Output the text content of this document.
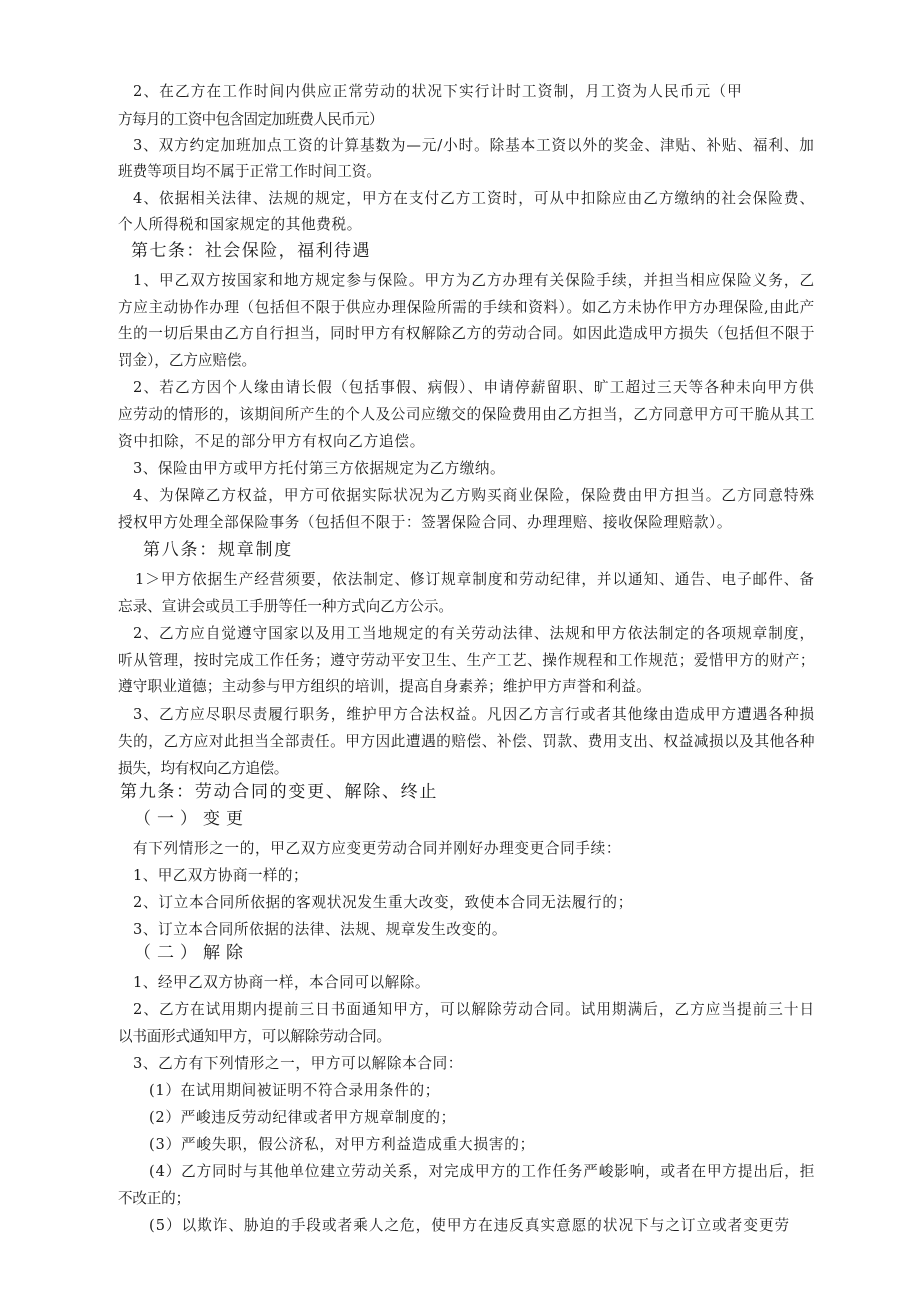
2、在乙方在工作时间内供应正常劳动的状况下实行计时工资制，月工资为人民币元（甲
方每月的工资中包含固定加班费人民币元）
3、双方约定加班加点工资的计算基数为—元/小时。除基本工资以外的奖金、津贴、补贴、福利、加
班费等项目均不属于正常工作时间工资。
4、依据相关法律、法规的规定，甲方在支付乙方工资时，可从中扣除应由乙方缴纳的社会保险费、
个人所得税和国家规定的其他费税。
第七条：社会保险，福利待遇
1、甲乙双方按国家和地方规定参与保险。甲方为乙方办理有关保险手续，并担当相应保险义务，乙
方应主动协作办理（包括但不限于供应办理保险所需的手续和资料）。如乙方未协作甲方办理保险,由此产
生的一切后果由乙方自行担当，同时甲方有权解除乙方的劳动合同。如因此造成甲方损失（包括但不限于
罚金），乙方应赔偿。
2、若乙方因个人缘由请长假（包括事假、病假）、申请停薪留职、旷工超过三天等各种未向甲方供
应劳动的情形的，该期间所产生的个人及公司应缴交的保险费用由乙方担当，乙方同意甲方可干脆从其工
资中扣除，不足的部分甲方有权向乙方追偿。
3、保险由甲方或甲方托付第三方依据规定为乙方缴纳。
4、为保障乙方权益，甲方可依据实际状况为乙方购买商业保险，保险费由甲方担当。乙方同意特殊
授权甲方处理全部保险事务（包括但不限于：签署保险合同、办理理赔、接收保险理赔款）。
第八条：规章制度
1＞甲方依据生产经营须要，依法制定、修订规章制度和劳动纪律，并以通知、通告、电子邮件、备
忘录、宣讲会或员工手册等任一种方式向乙方公示。
2、乙方应自觉遵守国家以及用工当地规定的有关劳动法律、法规和甲方依法制定的各项规章制度，
听从管理，按时完成工作任务；遵守劳动平安卫生、生产工艺、操作规程和工作规范；爱惜甲方的财产；
遵守职业道德；主动参与甲方组织的培训，提高自身素养；维护甲方声誉和利益。
3、乙方应尽职尽责履行职务，维护甲方合法权益。凡因乙方言行或者其他缘由造成甲方遭遇各种损
失的，乙方应对此担当全部责任。甲方因此遭遇的赔偿、补偿、罚款、费用支出、权益减损以及其他各种
损失，均有权向乙方追偿。
第九条：劳动合同的变更、解除、终止
（一）变更
有下列情形之一的，甲乙双方应变更劳动合同并刚好办理变更合同手续：
1、甲乙双方协商一样的；
2、订立本合同所依据的客观状况发生重大改变，致使本合同无法履行的；
3、订立本合同所依据的法律、法规、规章发生改变的。
（二）解除
1、经甲乙双方协商一样，本合同可以解除。
2、乙方在试用期内提前三日书面通知甲方，可以解除劳动合同。试用期满后，乙方应当提前三十日
以书面形式通知甲方，可以解除劳动合同。
3、乙方有下列情形之一，甲方可以解除本合同：
(1）在试用期间被证明不符合录用条件的；
(2）严峻违反劳动纪律或者甲方规章制度的；
(3）严峻失职，假公济私，对甲方利益造成重大损害的；
(4）乙方同时与其他单位建立劳动关系，对完成甲方的工作任务严峻影响，或者在甲方提出后，拒
不改正的；
(5）以欺诈、胁迫的手段或者乘人之危，使甲方在违反真实意愿的状况下与之订立或者变更劳
